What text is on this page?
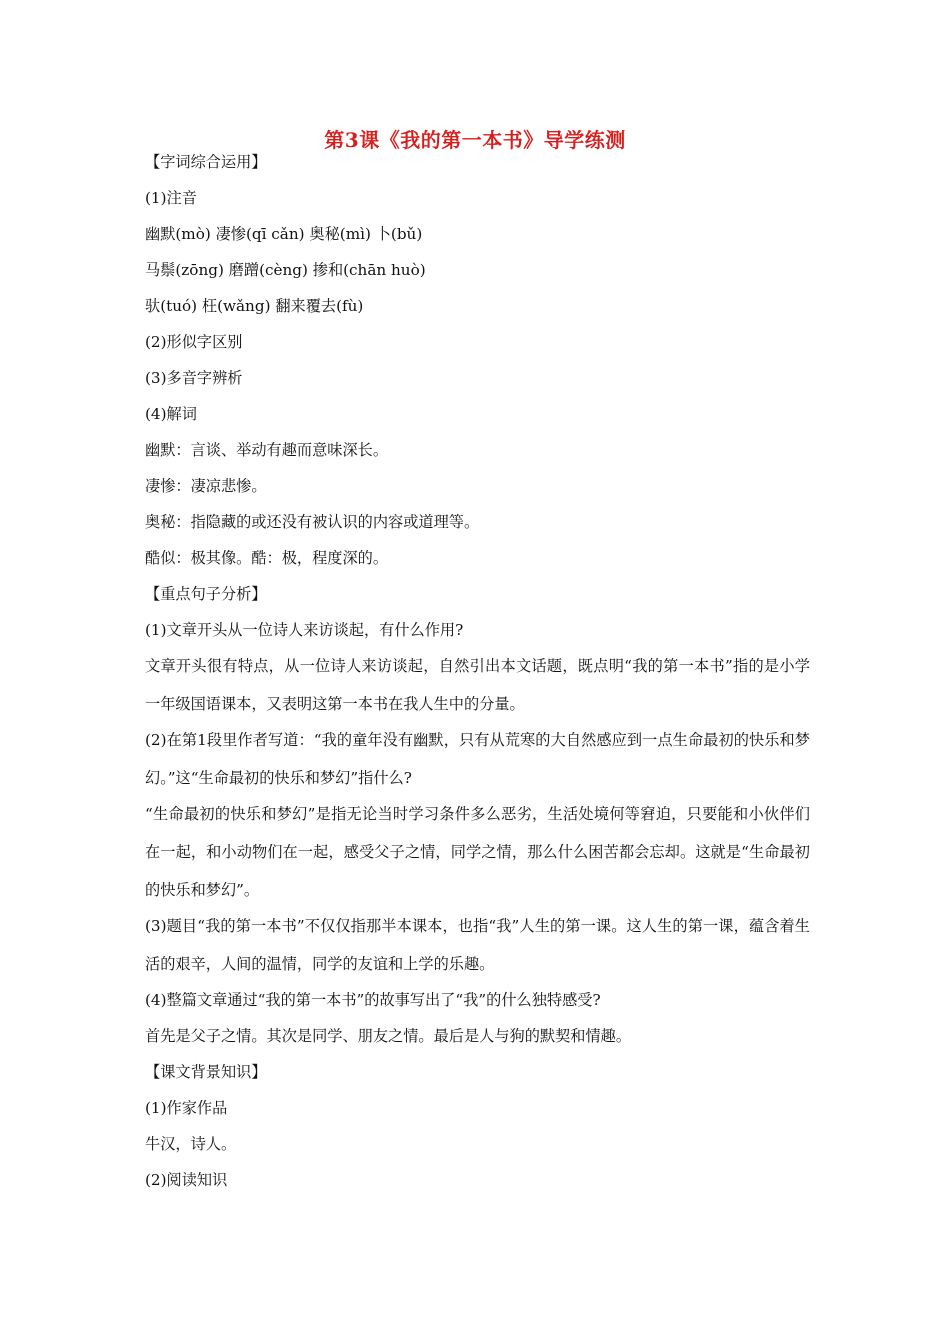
第3课《我的第一本书》导学练测
【字词综合运用】
(1)注音
幽默(mò) 凄惨(qī cǎn) 奥秘(mì) 卜(bǔ)
马鬃(zōng) 磨蹭(cèng) 掺和(chān huò)
驮(tuó) 枉(wǎng) 翻来覆去(fù)
(2)形似字区别
(3)多音字辨析
(4)解词
幽默：言谈、举动有趣而意味深长。
凄惨：凄凉悲惨。
奥秘：指隐藏的或还没有被认识的内容或道理等。
酷似：极其像。酷：极，程度深的。
【重点句子分析】
(1)文章开头从一位诗人来访谈起，有什么作用?
文章开头很有特点，从一位诗人来访谈起，自然引出本文话题，既点明“我的第一本书”指的是小学一年级国语课本，又表明这第一本书在我人生中的分量。
(2)在第1段里作者写道：“我的童年没有幽默，只有从荒寒的大自然感应到一点生命最初的快乐和梦幻。”这“生命最初的快乐和梦幻”指什么?
“生命最初的快乐和梦幻”是指无论当时学习条件多么恶劣，生活处境何等窘迫，只要能和小伙伴们在一起，和小动物们在一起，感受父子之情，同学之情，那么什么困苦都会忘却。这就是“生命最初的快乐和梦幻”。
(3)题目“我的第一本书”不仅仅指那半本课本，也指“我”人生的第一课。这人生的第一课，蕴含着生活的艰辛，人间的温情，同学的友谊和上学的乐趣。
(4)整篇文章通过“我的第一本书”的故事写出了“我”的什么独特感受?
首先是父子之情。其次是同学、朋友之情。最后是人与狗的默契和情趣。
【课文背景知识】
(1)作家作品
牛汉，诗人。
(2)阅读知识
